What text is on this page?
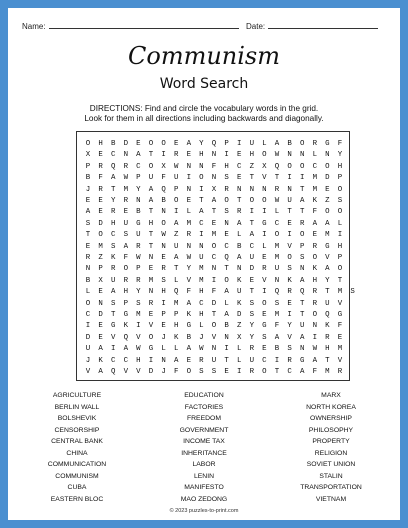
Name:	Date:
Communism
Word Search
DIRECTIONS: Find and circle the vocabulary words in the grid.
Look for them in all directions including backwards and diagonally.
O	H	B	D	E	O	O	E	A	Y	Q	P	I	U	L	A	B	O	R	G	F
X	E	C	N	A	T	I	R	E	H	N	I	E	H	O	W	N	N	L	N	Y
P	R	Q	R	C	O	X	W	N	N	F	H	C	Z	X	Q	O	O	C	O	H
B	F	A	W	P	U	F	U	I	O	N	S	E	T	V	T	I	I	M	D	P
J	R	T	M	Y	A	Q	P	N	I	X	R	N	N	N	R	N	T	M	E	O
E	E	Y	R	N	A	B	O	E	T	A	O	T	O	O	W	U	A	K	Z	S
A	E	R	E	B	T	N	I	L	A	T	S	R	I	I	L	T	T	F	O	O
S	D	H	U	G	H	O	A	M	C	E	N	A	T	G	C	E	R	A	A	L
T	O	C	S	U	T	W	Z	R	I	M	E	L	A	I	O	I	O	E	M	I
E	M	S	A	R	T	N	U	N	N	O	C	B	C	L	M	V	P	R	G	H
R	Z	K	F	W	N	E	A	W	U	C	Q	A	U	E	M	O	S	O	V	P
N	P	R	O	P	E	R	T	Y	M	N	T	N	D	R	U	S	N	K	A	O
B	X	U	R	R	M	S	L	V	M	I	O	K	E	V	N	K	A	H	Y	T
L	E	A	H	Y	N	H	Q	F	H	F	A	U	T	I	Q	R	Q	R	T	M	S
O	N	S	P	S	R	I	M	A	C	D	L	K	S	O	S	E	T	R	U	V
C	D	T	G	M	E	P	P	K	H	T	A	D	S	E	M	I	T	O	Q	G
I	E	G	K	I	V	E	H	G	L	O	B	Z	Y	G	F	Y	U	N	K	F
D	E	V	Q	V	O	J	K	B	J	V	N	X	Y	S	A	V	A	I	R	E
U	A	I	A	W	G	L	L	A	W	N	I	L	R	E	B	S	N	W	H	M
J	K	C	C	H	I	N	A	E	R	U	T	L	U	C	I	R	G	A	T	V
V	A	Q	V	V	D	J	F	O	S	S	E	I	R	O	T	C	A	F	M	R
AGRICULTURE
BERLIN WALL
BOLSHEVIK
CENSORSHIP
CENTRAL BANK
CHINA
COMMUNICATION
COMMUNISM
CUBA
EASTERN BLOC
EDUCATION
FACTORIES
FREEDOM
GOVERNMENT
INCOME TAX
INHERITANCE
LABOR
LENIN
MANIFESTO
MAO ZEDONG
MARX
NORTH KOREA
OWNERSHIP
PHILOSOPHY
PROPERTY
RELIGION
SOVIET UNION
STALIN
TRANSPORTATION
VIETNAM
© 2023 puzzles-to-print.com
